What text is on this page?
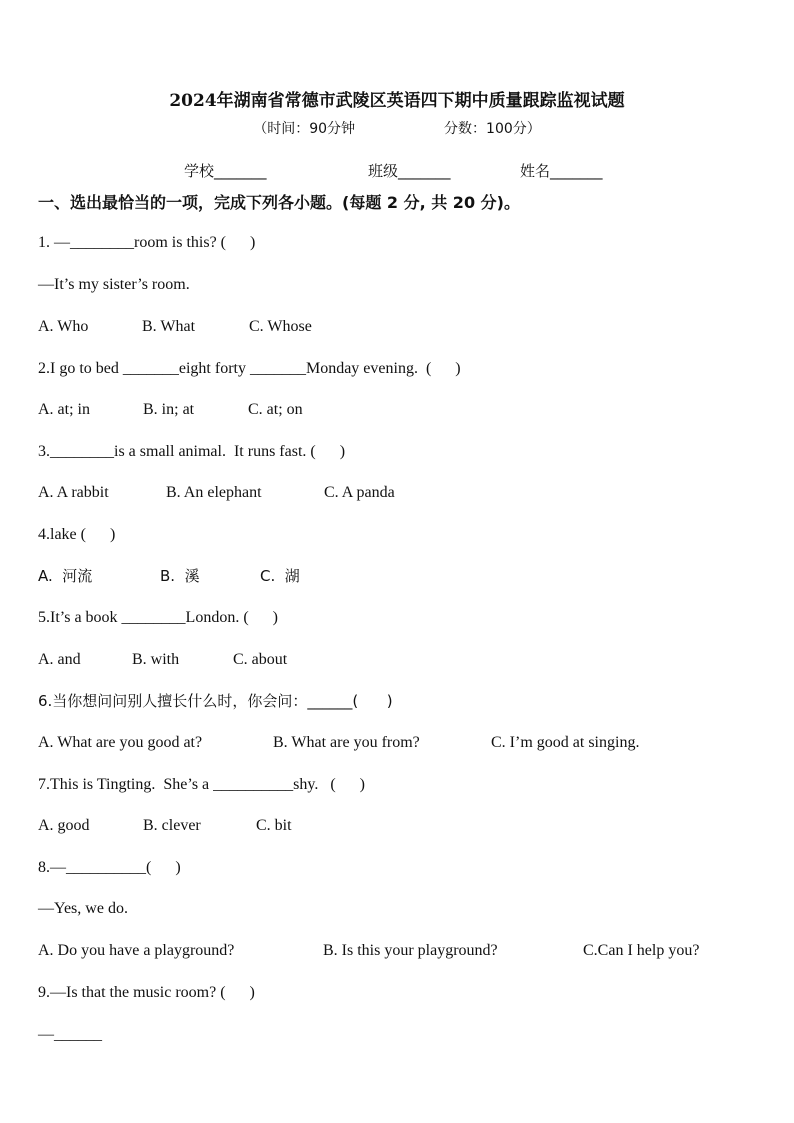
2024年湖南省常德市武陵区英语四下期中质量跟踪监视试题
（时间：90分钟	分数：100分）
学校_______	班级_______	姓名_______
一、选出最恰当的一项，完成下列各小题。(每题 2 分, 共 20 分)。
1. —________room is this? (      )
—It’s my sister’s room.
A. Who	B. What	C. Whose
2.I go to bed _______eight forty _______Monday evening.  (      )
A. at; in	B. in; at	C. at; on
3.________is a small animal.  It runs fast. (      )
A. A rabbit	B. An elephant	C. A panda
4.lake (      )
A.  河流	B.  溪	C.  湖
5.It’s a book ________London. (      )
A. and	B. with	C. about
6.当你想问问别人擅长什么时，你会问：______(      )
A. What are you good at?	B. What are you from?	C. I’m good at singing.
7.This is Tingting.  She’s a __________shy.   (      )
A. good	B. clever	C. bit
8.—__________(      )
—Yes, we do.
A. Do you have a playground?	B. Is this your playground?	C.Can I help you?
9.—Is that the music room? (      )
—______
